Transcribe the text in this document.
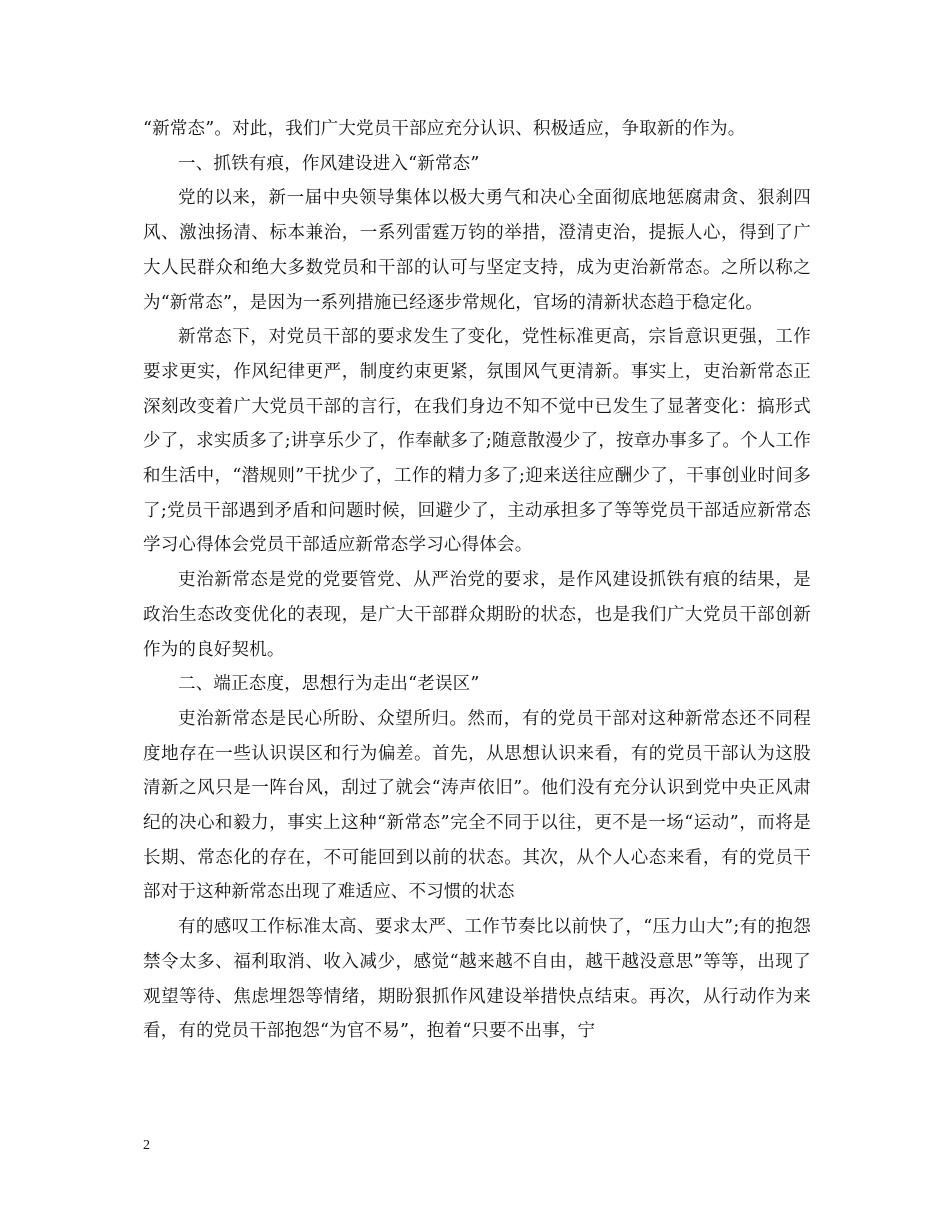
“新常态”。对此，我们广大党员干部应充分认识、积极适应，争取新的作为。

一、抓铁有痕，作风建设进入“新常态”

党的以来，新一届中央领导集体以极大勇气和决心全面彻底地惩腐肃贪、狠刹四风、激浊扬清、标本兼治，一系列雷霆万钧的举措，澄清吏治，提振人心，得到了广大人民群众和绝大多数党员和干部的认可与坚定支持，成为吏治新常态。之所以称之为“新常态”，是因为一系列措施已经逐步常规化，官场的清新状态趋于稳定化。

新常态下，对党员干部的要求发生了变化，党性标准更高，宗旨意识更强，工作要求更实，作风纪律更严，制度约束更紧，氛围风气更清新。事实上，吏治新常态正深刻改变着广大党员干部的言行，在我们身边不知不觉中已发生了显著变化：搞形式少了，求实质多了;讲享乐少了，作奉献多了;随意散漫少了，按章办事多了。个人工作和生活中，“潜规则”干扰少了，工作的精力多了;迎来送往应酬少了，干事创业时间多了;党员干部遇到矛盾和问题时候，回避少了，主动承担多了等等党员干部适应新常态学习心得体会党员干部适应新常态学习心得体会。

吏治新常态是党的党要管党、从严治党的要求，是作风建设抓铁有痕的结果，是政治生态改变优化的表现，是广大干部群众期盼的状态，也是我们广大党员干部创新作为的良好契机。

二、端正态度，思想行为走出“老误区”

吏治新常态是民心所盼、众望所归。然而，有的党员干部对这种新常态还不同程度地存在一些认识误区和行为偏差。首先，从思想认识来看，有的党员干部认为这股清新之风只是一阵台风，刮过了就会“涛声依旧”。他们没有充分认识到党中央正风肃纪的决心和毅力，事实上这种“新常态”完全不同于以往，更不是一场“运动”，而将是长期、常态化的存在，不可能回到以前的状态。其次，从个人心态来看，有的党员干部对于这种新常态出现了难适应、不习惯的状态

有的感叹工作标准太高、要求太严、工作节奏比以前快了，“压力山大”;有的抱怨禁令太多、福利取消、收入减少，感觉“越来越不自由，越干越没意思”等等，出现了观望等待、焦虑埋怨等情绪，期盼狠抓作风建设举措快点结束。再次，从行动作为来看，有的党员干部抱怨“为官不易”，抱着“只要不出事，宁

2
